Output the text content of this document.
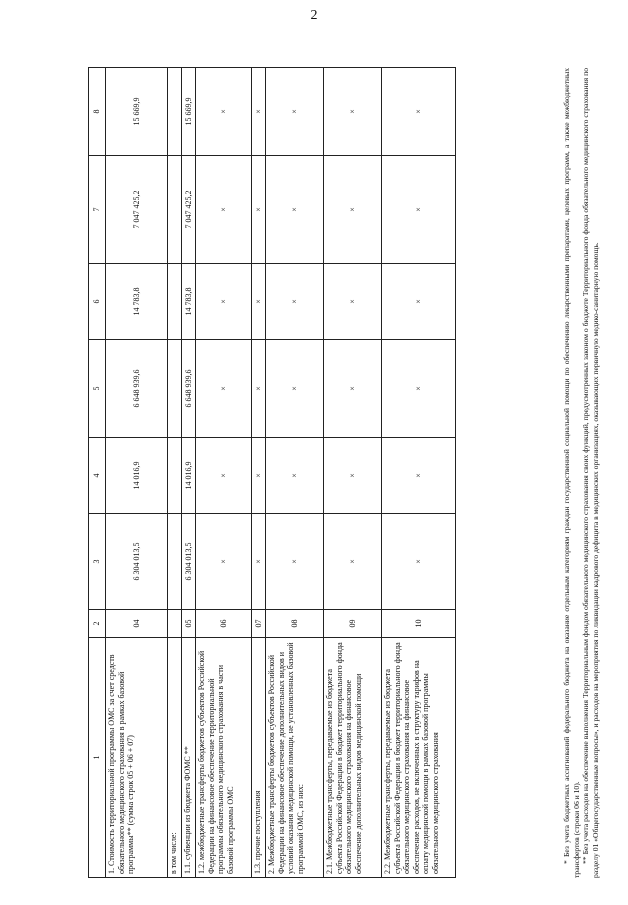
2
1	2	3	4	5	6	7	8
1. Стоимость территориальной программы ОМС за счет средств обязательного медицинского страхования в рамках базовой программы** (сумма строк 05 + 06 + 07)	04	6 304 013,5	14 016,9	6 648 939,6	14 783,8	7 047 425,2	15 669,9
в том числе:							
1.1. субвенции из бюджета ФОМС **	05	6 304 013,5	14 016,9	6 648 939,6	14 783,8	7 047 425,2	15 669,9
1.2. межбюджетные трансферты бюджетов субъектов Российской Федерации на финансовое обеспечение территориальной программы обязательного медицинского страхования в части базовой программы ОМС	06	×	×	×	×	×	×
1.3. прочие поступления	07	×	×	×	×	×	×
2. Межбюджетные трансферты бюджетов субъектов Российской Федерации на финансовое обеспечение дополнительных видов и условий оказания медицинской помощи, не установленных базовой программой ОМС, из них:	08	×	×	×	×	×	×
2.1. Межбюджетные трансферты, передаваемые из бюджета субъекта Российской Федерации в бюджет территориального фонда обязательного медицинского страхования на финансовое обеспечение дополнительных видов медицинской помощи	09	×	×	×	×	×	×
2.2. Межбюджетные трансферты, передаваемые из бюджета субъекта Российской Федерации в бюджет территориального фонда обязательного медицинского страхования на финансовое обеспечение расходов, не включенных в структуру тарифов на оплату медицинской помощи в рамках базовой программы обязательного медицинского страхования	10	×	×	×	×	×	×	* Без учета бюджетных ассигнований федерального бюджета на оказание отдельным категориям граждан государственной социальной помощи по обеспечению лекарственными препаратами, целевых программ, а также межбюджетных трансфертов (строки 06 и 10). ** Без учета расходов на обеспечение выполнения Территориальным фондом обязательного медицинского страхования своих функций, предусмотренных законом о бюджете Территориального фонда обязательного медицинского страхования по разделу 01 «Общегосударственные вопросы», и расходов на мероприятия по ликвидации кадрового дефицита в медицинских организациях, оказывающих первичную медико-санитарную помощь.
